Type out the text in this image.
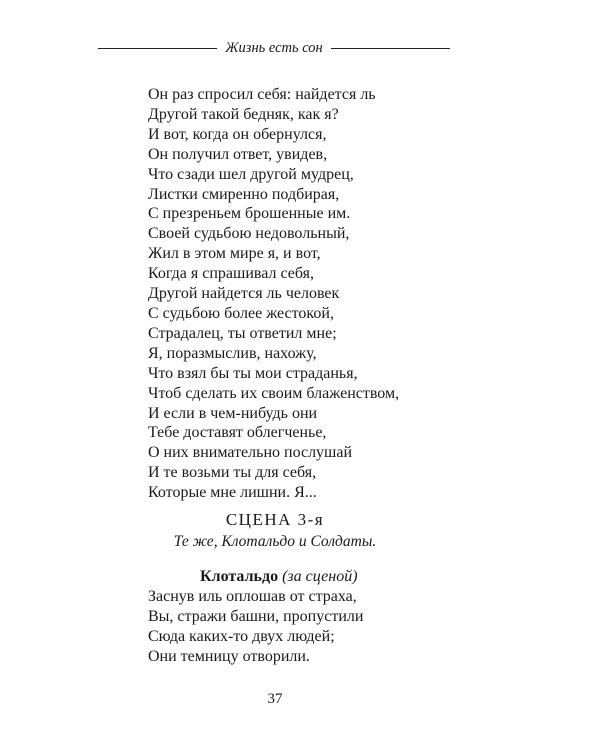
Жизнь есть сон
Он раз спросил себя: найдется ль
Другой такой бедняк, как я?
И вот, когда он обернулся,
Он получил ответ, увидев,
Что сзади шел другой мудрец,
Листки смиренно подбирая,
С презреньем брошенные им.
Своей судьбою недовольный,
Жил в этом мире я, и вот,
Когда я спрашивал себя,
Другой найдется ль человек
С судьбою более жестокой,
Страдалец, ты ответил мне;
Я, поразмыслив, нахожу,
Что взял бы ты мои страданья,
Чтоб сделать их своим блаженством,
И если в чем-нибудь они
Тебе доставят облегченье,
О них внимательно послушай
И те возьми ты для себя,
Которые мне лишни. Я...
СЦЕНА 3-я
Те же, Клотальдо и Солдаты.
Клотальдо (за сценой)
Заснув иль оплошав от страха,
Вы, стражи башни, пропустили
Сюда каких-то двух людей;
Они темницу отворили.
37
